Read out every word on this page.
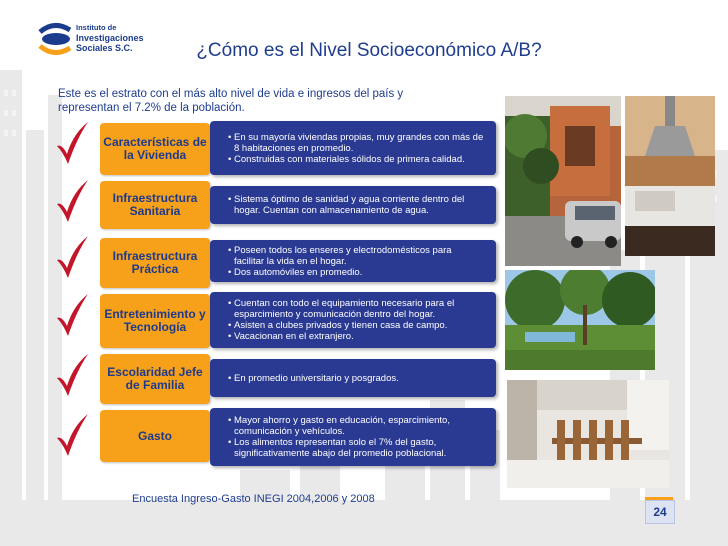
Instituto de
Investigaciones
Sociales S.C.	¿Cómo es el Nivel Socioeconómico A/B?
Este es el estrato con el más alto nivel de vida e ingresos del país y representan el 7.2% de la población.
Características de la Vivienda
• En su mayoría viviendas propias, muy grandes con más de 8 habitaciones en promedio.
• Construidas con materiales sólidos de primera calidad.
Infraestructura Sanitaria
• Sistema óptimo de sanidad y agua corriente dentro del hogar. Cuentan con almacenamiento de agua.
Infraestructura Práctica
• Poseen todos los enseres y electrodomésticos para facilitar la vida en el hogar.
• Dos automóviles en promedio.
Entretenimiento y Tecnología
• Cuentan con todo el equipamiento necesario para el esparcimiento y comunicación dentro del hogar.
• Asisten a clubes privados y tienen casa de campo.
• Vacacionan en el extranjero.
Escolaridad Jefe de Familia	• En promedio universitario y posgrados.
Gasto
• Mayor ahorro y gasto en educación, esparcimiento, comunicación y vehículos.
• Los alimentos representan solo el 7% del gasto, significativamente abajo del promedio poblacional.
Encuesta Ingreso-Gasto INEGI 2004,2006 y 2008
24
